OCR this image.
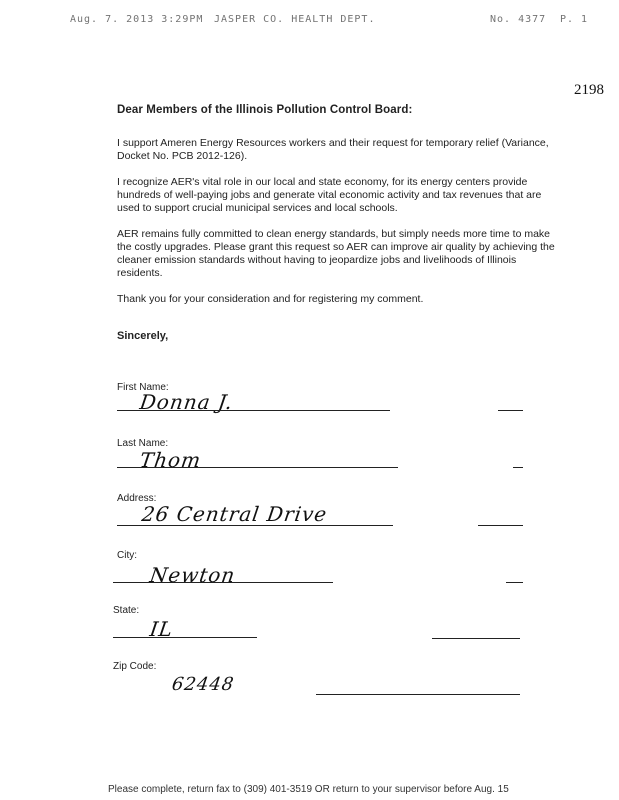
Aug. 7. 2013 3:29PM JASPER CO. HEALTH DEPT.	No. 4377 P. 1
2198

Dear Members of the Illinois Pollution Control Board:

I support Ameren Energy Resources workers and their request for temporary relief (Variance, Docket No. PCB 2012-126).

I recognize AER's vital role in our local and state economy, for its energy centers provide hundreds of well-paying jobs and generate vital economic activity and tax revenues that are used to support crucial municipal services and local schools.

AER remains fully committed to clean energy standards, but simply needs more time to make the costly upgrades. Please grant this request so AER can improve air quality by achieving the cleaner emission standards without having to jeopardize jobs and livelihoods of Illinois residents.

Thank you for your consideration and for registering my comment.

Sincerely,

First Name:
Donna J.
Last Name:
Thom
Address:
26 Central Drive
City:
Newton
State:
IL
Zip Code:
62448
Please complete, return fax to (309) 401-3519 OR return to your supervisor before Aug. 15
